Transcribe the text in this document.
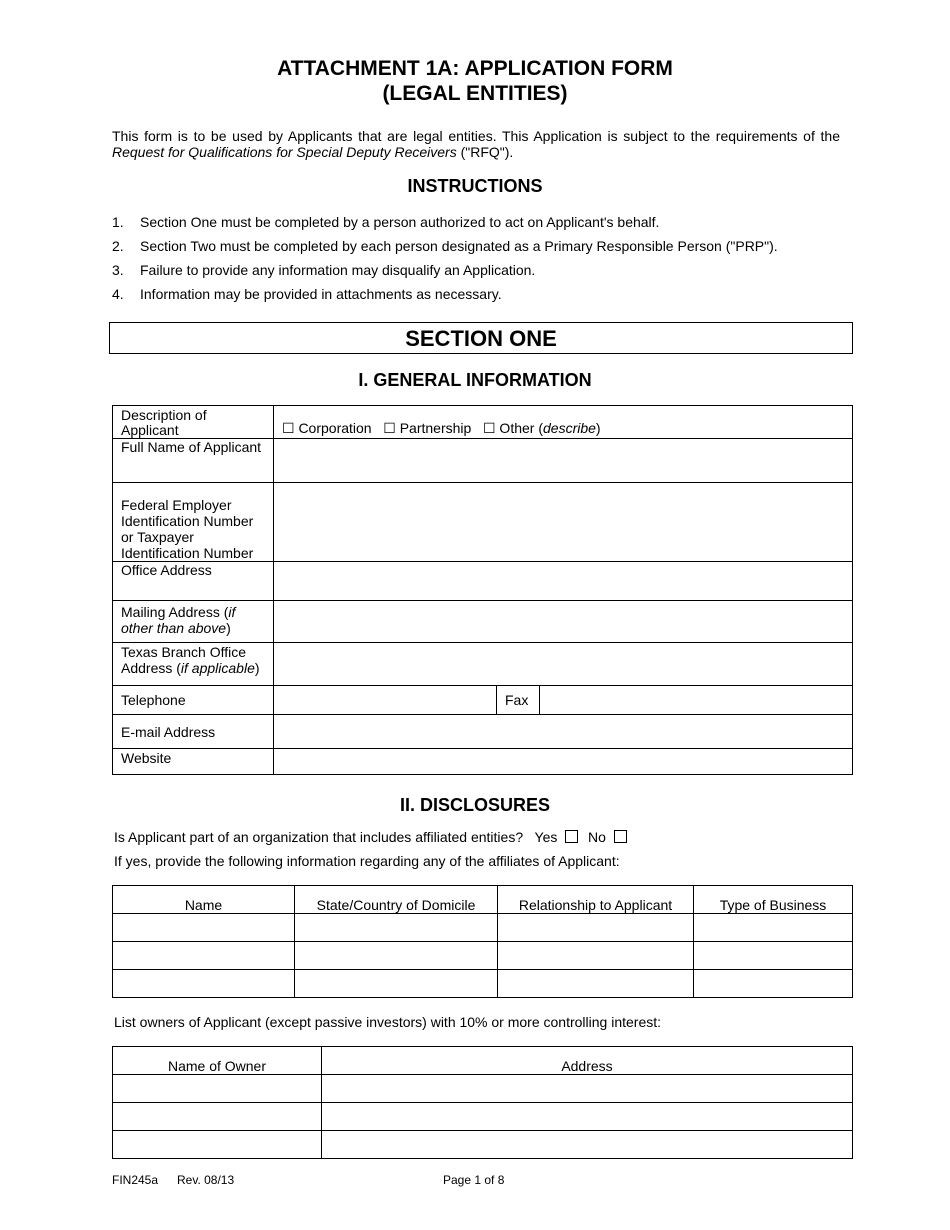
ATTACHMENT 1A: APPLICATION FORM
(LEGAL ENTITIES)
This form is to be used by Applicants that are legal entities. This Application is subject to the requirements of the Request for Qualifications for Special Deputy Receivers ("RFQ").
INSTRUCTIONS
1. Section One must be completed by a person authorized to act on Applicant's behalf.
2. Section Two must be completed by each person designated as a Primary Responsible Person ("PRP").
3. Failure to provide any information may disqualify an Application.
4. Information may be provided in attachments as necessary.
SECTION ONE
I. GENERAL INFORMATION
Description of
Applicant	☐ Corporation ☐ Partnership ☐ Other (describe)		
Full Name of Applicant			

Federal Employer
Identification Number
or Taxpayer
Identification Number			

Office Address			
Mailing Address (if
other than above)			

Texas Branch Office
Address (if applicable)			

Telephone		Fax	
E-mail Address			
Website			
II. DISCLOSURES
Is Applicant part of an organization that includes affiliated entities? Yes No
If yes, provide the following information regarding any of the affiliates of Applicant:
Name	State/Country of Domicile	Relationship to Applicant	Type of Business

List owners of Applicant (except passive investors) with 10% or more controlling interest:
Name of Owner	Address

FIN245a Rev. 08/13	Page 1 of 8
